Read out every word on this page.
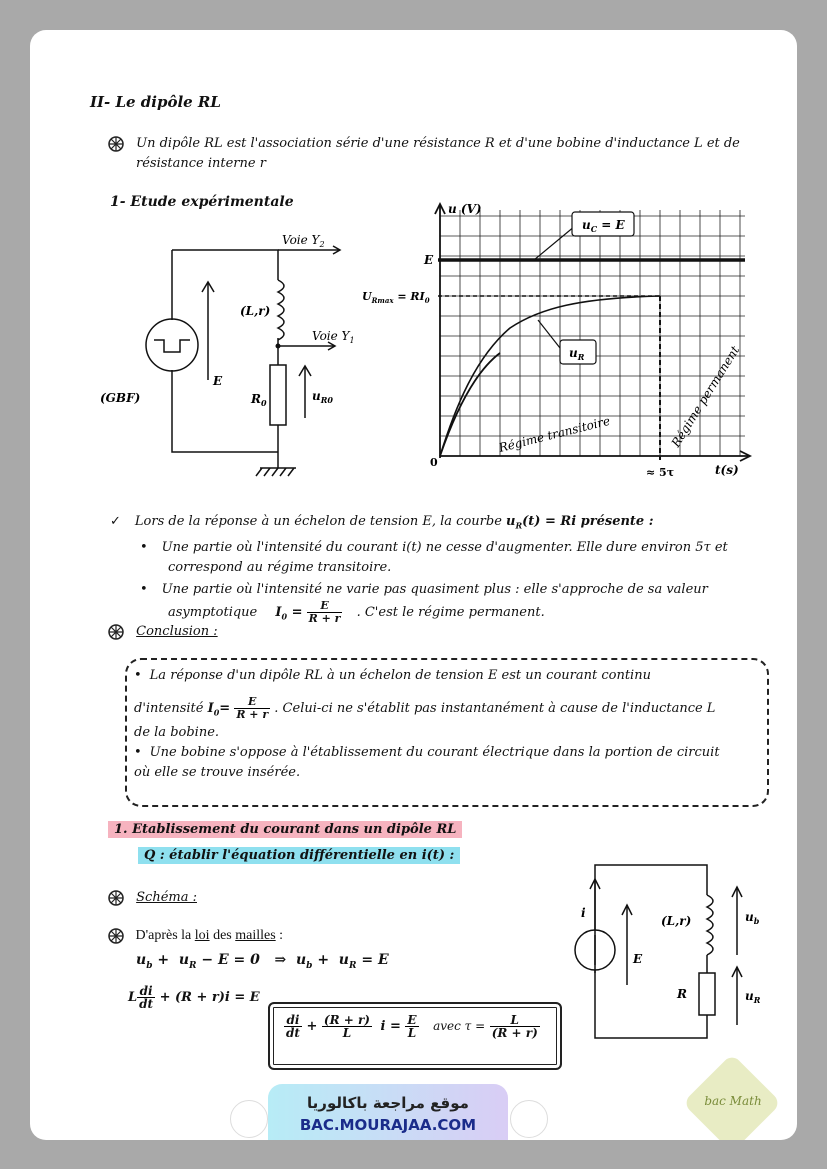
II- Le dipôle RL
Un dipôle RL est l'association série d'une résistance R et d'une bobine d'inductance L et de
résistance interne r
1- Etude expérimentale
Voie $Y_2$
Voie $Y_1$
(L,r)
(GBF)
E
$R_0$	$u_{R0}$
u (V)
t(s)
0
E
$U_{Rmax} = RI_0$
$u_C = E$
$u_R$
Régime transitoire	Régime permanent
≈ 5τ
✓ Lors de la réponse à un échelon de tension E, la courbe $u_R(t) = Ri$ présente :
• Une partie où l'intensité du courant i(t) ne cesse d'augmenter. Elle dure environ 5τ et
correspond au régime transitoire.
• Une partie où l'intensité ne varie pas quasiment plus : elle s'approche de sa valeur
asymptotique $I_0 = \frac{E}{R + r}$ . C'est le régime permanent.
Conclusion :
• La réponse d'un dipôle RL à un échelon de tension E est un courant continu
d'intensité $I_0= \frac{E}{R + r}$ . Celui-ci ne s'établit pas instantanément à cause de l'inductance L
de la bobine.
• Une bobine s'oppose à l'établissement du courant électrique dans la portion de circuit
où elle se trouve insérée.
1. Etablissement du courant dans un dipôle RL
Q : établir l'équation différentielle en i(t) :
Schéma :
D'après la loi des mailles :
$u_b + u_R - E = 0$   ⇒  $u_b + u_R = E$
L $\frac{di}{dt} + (R + r)i = E$
$\frac{di}{dt} + \frac{(R + r)}{L}$ $i = \frac{E}{L}$ avec $\tau = \frac{L}{(R + r)}$
i
E
(L,r)	$u_b$
R	$u_R$
موقع مراجعة باكالوريا
BAC.MOURAJAA.COM
bac Math
